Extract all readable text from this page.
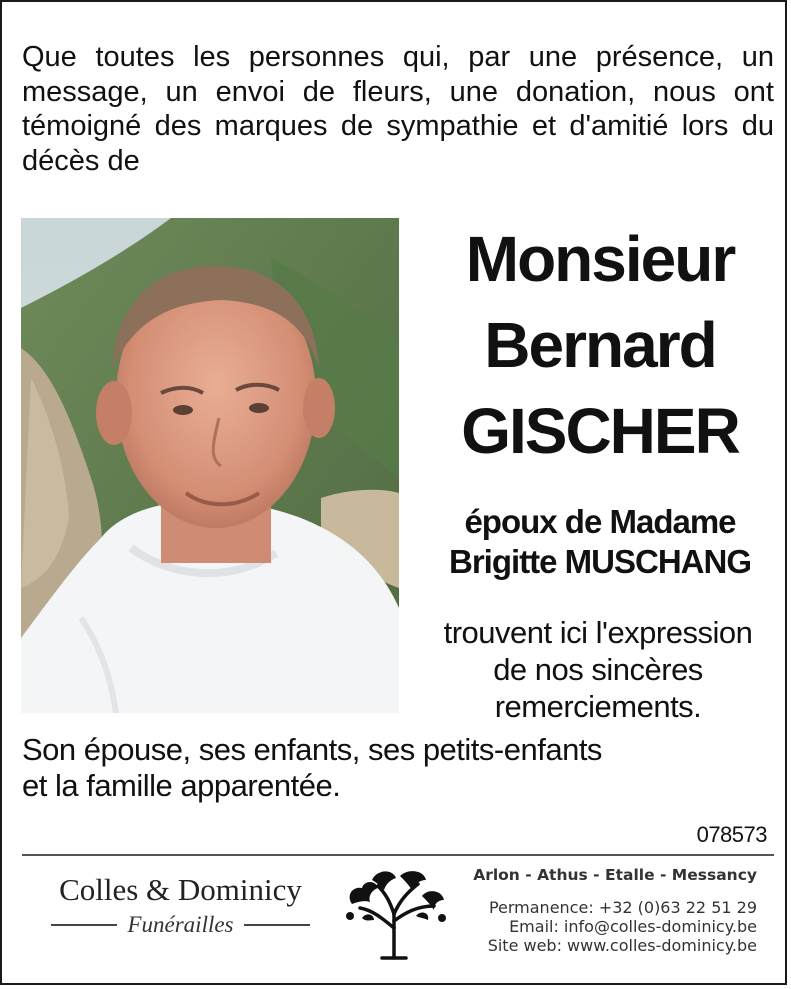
Que toutes les personnes qui, par une présence, un message, un envoi de fleurs, une donation, nous ont témoigné des marques de sympathie et d'amitié lors du décès de
Monsieur
Bernard
GISCHER
époux de Madame
Brigitte MUSCHANG
trouvent ici l'expression
de nos sincères
remerciements.
Son épouse, ses enfants, ses petits-enfants
et la famille apparentée.
078573
Colles & Dominicy
Funérailles
Arlon - Athus - Etalle - Messancy
Permanence: +32 (0)63 22 51 29
Email: info@colles-dominicy.be
Site web: www.colles-dominicy.be
